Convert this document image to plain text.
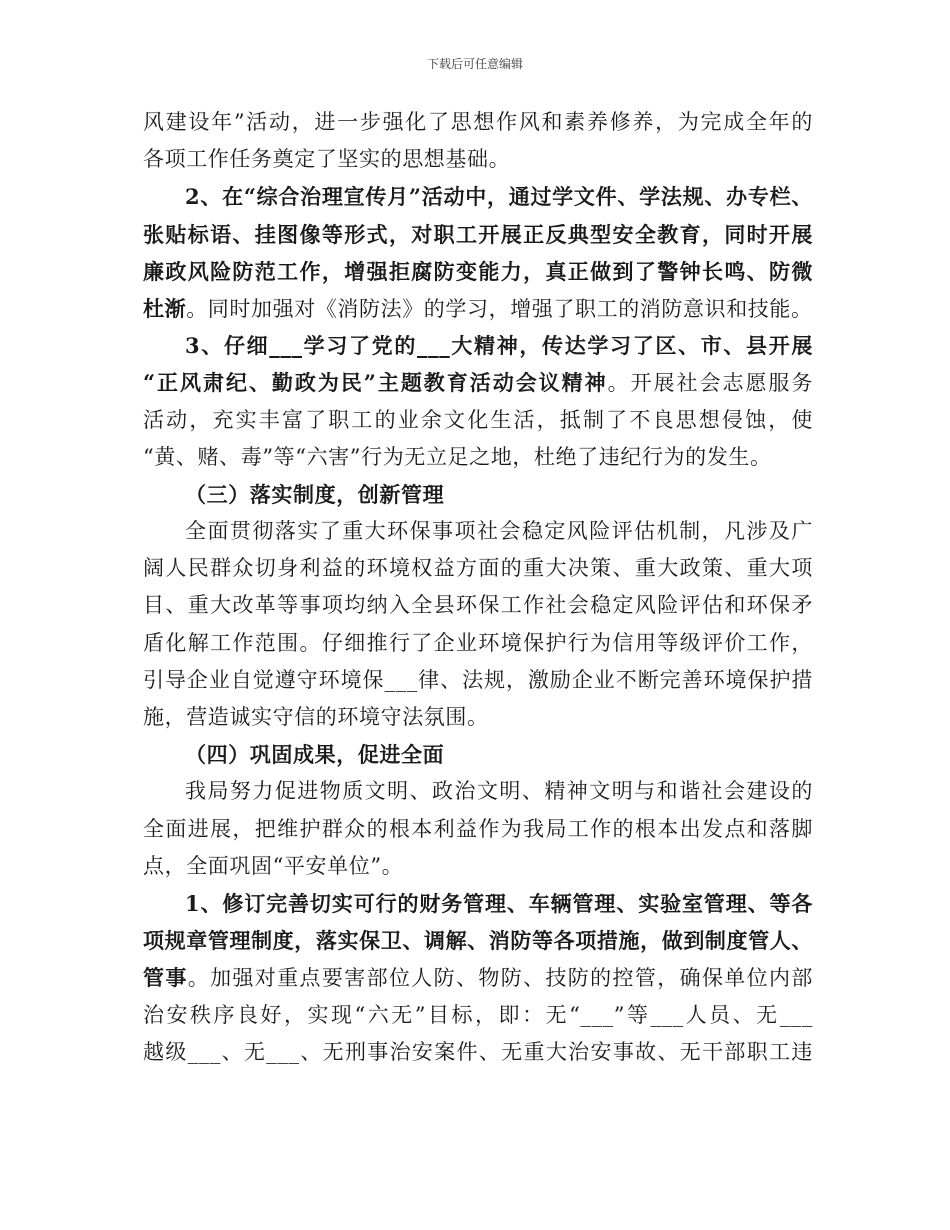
下载后可任意编辑
风建设年”活动，进一步强化了思想作风和素养修养，为完成全年的
各项工作任务奠定了坚实的思想基础。
2、在“综合治理宣传月”活动中，通过学文件、学法规、办专栏、
张贴标语、挂图像等形式，对职工开展正反典型安全教育，同时开展
廉政风险防范工作，增强拒腐防变能力，真正做到了警钟长鸣、防微
杜渐。同时加强对《消防法》的学习，增强了职工的消防意识和技能。
3、仔细___学习了党的___大精神，传达学习了区、市、县开展
“正风肃纪、勤政为民”主题教育活动会议精神。开展社会志愿服务
活动，充实丰富了职工的业余文化生活，抵制了不良思想侵蚀，使
“黄、赌、毒”等“六害”行为无立足之地，杜绝了违纪行为的发生。
（三）落实制度，创新管理
全面贯彻落实了重大环保事项社会稳定风险评估机制，凡涉及广
阔人民群众切身利益的环境权益方面的重大决策、重大政策、重大项
目、重大改革等事项均纳入全县环保工作社会稳定风险评估和环保矛
盾化解工作范围。仔细推行了企业环境保护行为信用等级评价工作，
引导企业自觉遵守环境保___律、法规，激励企业不断完善环境保护措
施，营造诚实守信的环境守法氛围。
（四）巩固成果，促进全面
我局努力促进物质文明、政治文明、精神文明与和谐社会建设的
全面进展，把维护群众的根本利益作为我局工作的根本出发点和落脚
点，全面巩固“平安单位”。
1、修订完善切实可行的财务管理、车辆管理、实验室管理、等各
项规章管理制度，落实保卫、调解、消防等各项措施，做到制度管人、
管事。加强对重点要害部位人防、物防、技防的控管，确保单位内部
治安秩序良好，实现“六无”目标，即：无“___”等___人员、无___
越级___、无___、无刑事治安案件、无重大治安事故、无干部职工违
